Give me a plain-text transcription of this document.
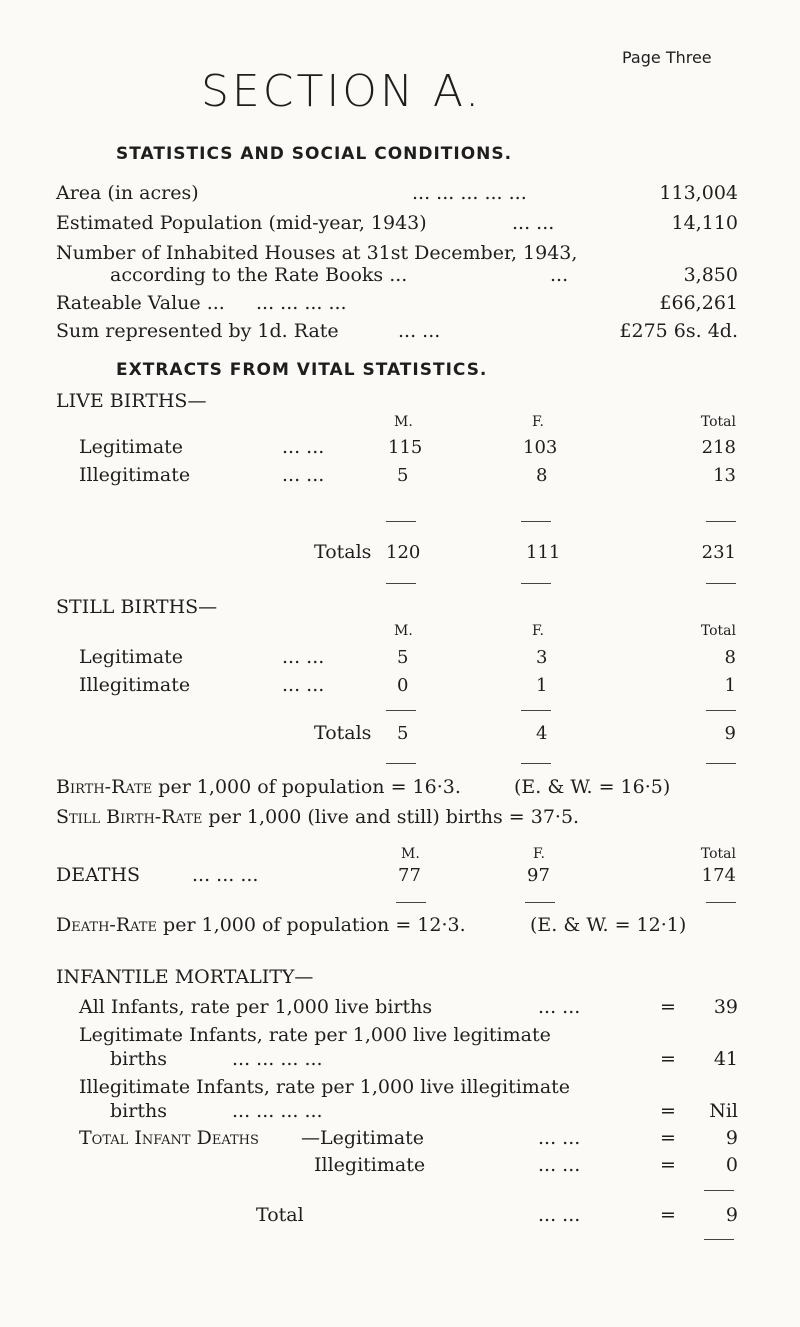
Page Three
SECTION A.
STATISTICS AND SOCIAL CONDITIONS.
Area (in acres)	... ... ... ... ...	113,004
Estimated Population (mid-year, 1943)	... ...	14,110
Number of Inhabited Houses at 31st December, 1943,
according to the Rate Books ...	...	3,850
Rateable Value ... ... ... ... ...	£66,261
Sum represented by 1d. Rate	... ...	£275 6s. 4d.
EXTRACTS FROM VITAL STATISTICS.
LIVE BIRTHS—
M.	F.	Total
Legitimate	... ...	115	103	218
Illegitimate	... ...	5	8	13
Totals 120	111	231
STILL BIRTHS—
M.	F.	Total
Legitimate	... ...	5	3	8
Illegitimate	... ...	0	1	1
Totals 5	4	9
Birth-Rate per 1,000 of population = 16·3.	(E. & W. = 16·5)
Still Birth-Rate per 1,000 (live and still) births = 37·5.
M.	F.	Total
DEATHS	... ... ...	77	97	174
Death-Rate per 1,000 of population = 12·3.	(E. & W. = 12·1)
INFANTILE MORTALITY—
All Infants, rate per 1,000 live births	... ...	= 39
Legitimate Infants, rate per 1,000 live legitimate
births	... ... ... ...	= 41
Illegitimate Infants, rate per 1,000 live illegitimate
births	... ... ... ...	= Nil
Total Infant Deaths —Legitimate	... ...	=	9
Illegitimate	... ...	=	0
Total	... ...	=	9
